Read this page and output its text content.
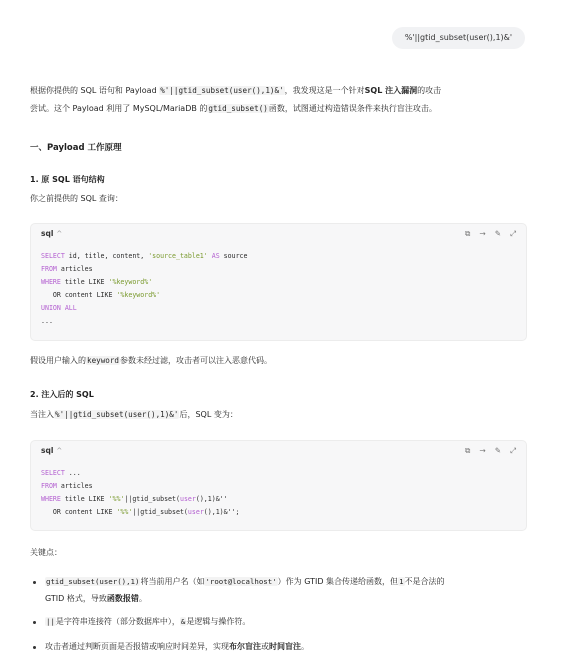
%'||gtid_subset(user(),1)&'
根据你提供的 SQL 语句和 Payload %'||gtid_subset(user(),1)&'，我发现这是一个针对SQL 注入漏洞的攻击
尝试。这个 Payload 利用了 MySQL/MariaDB 的gtid_subset()函数，试图通过构造错误条件来执行盲注攻击。
一、Payload 工作原理
1. 原 SQL 语句结构
你之前提供的 SQL 查询：
sql ^	⧉ → ✎ ⤢
SELECT id, title, content, 'source_table1' AS source
FROM articles
WHERE title LIKE '%keyword%'
OR content LIKE '%keyword%'
UNION ALL
...
假设用户输入的keyword参数未经过滤，攻击者可以注入恶意代码。
2. 注入后的 SQL
当注入%'||gtid_subset(user(),1)&'后，SQL 变为：
sql ^	⧉ → ✎ ⤢
SELECT ...
FROM articles
WHERE title LIKE '%%'||gtid_subset(user(),1)&''
OR content LIKE '%%'||gtid_subset(user(),1)&'';
关键点：
gtid_subset(user(),1)将当前用户名（如'root@localhost'）作为 GTID 集合传递给函数，但1不是合法的
GTID 格式，导致函数报错。
||是字符串连接符（部分数据库中），&是逻辑与操作符。
攻击者通过判断页面是否报错或响应时间差异，实现布尔盲注或时间盲注。
